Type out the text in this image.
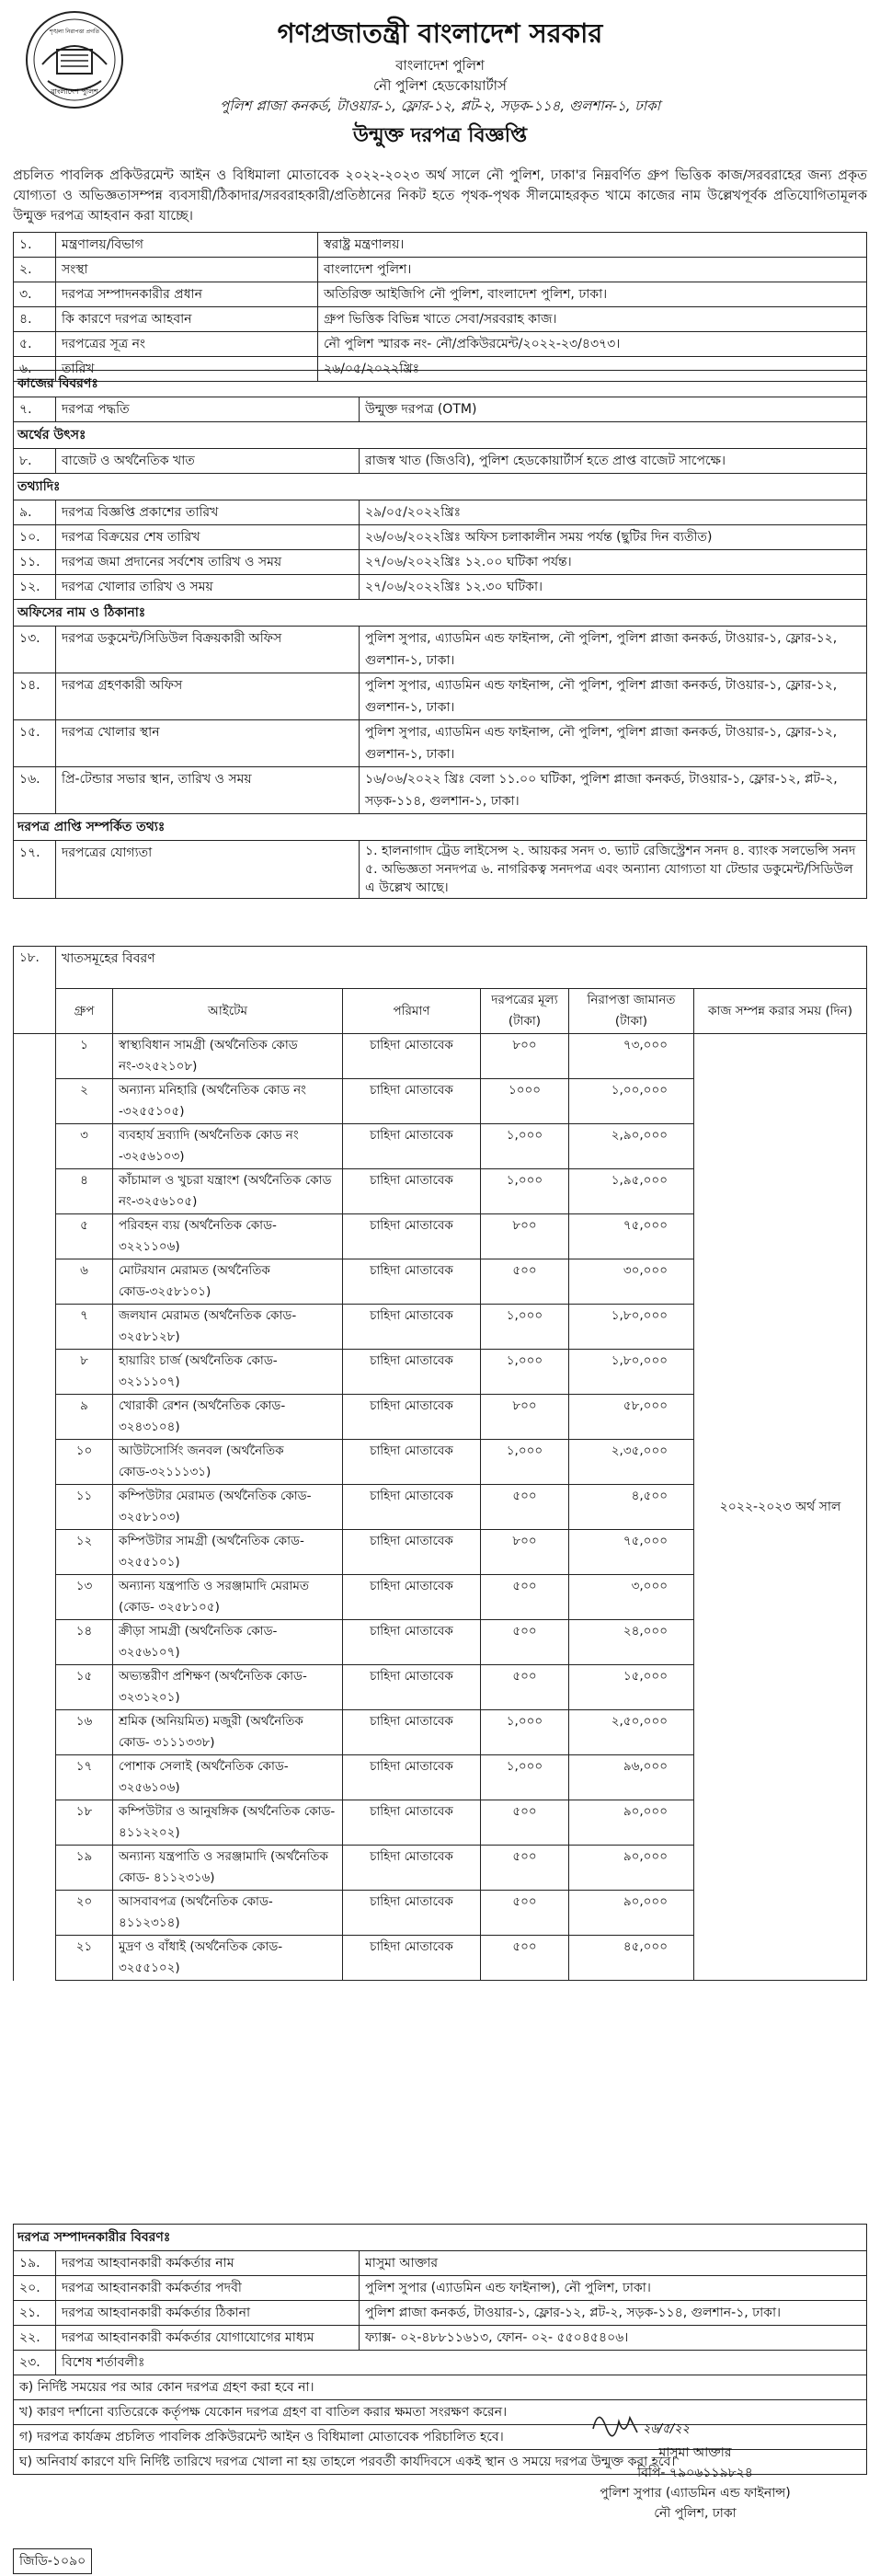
বাংলাদেশ পুলিশ
শৃঙ্খলা নিরাপত্তা প্রগতি	গণপ্রজাতন্ত্রী বাংলাদেশ সরকার
বাংলাদেশ পুলিশ
নৌ পুলিশ হেডকোয়ার্টার্স
পুলিশ প্লাজা কনকর্ড, টাওয়ার-১, ফ্লোর-১২, প্লট-২, সড়ক-১১৪, গুলশান-১, ঢাকা
উন্মুক্ত দরপত্র বিজ্ঞপ্তি
প্রচলিত পাবলিক প্রকিউরমেন্ট আইন ও বিধিমালা মোতাবেক ২০২২-২০২৩ অর্থ সালে নৌ পুলিশ, ঢাকা'র নিম্নবর্ণিত গ্রুপ ভিত্তিক কাজ/সরবরাহের জন্য প্রকৃত যোগ্যতা ও অভিজ্ঞতাসম্পন্ন ব্যবসায়ী/ঠিকাদার/সরবরাহকারী/প্রতিষ্ঠানের নিকট হতে পৃথক-পৃথক সীলমোহরকৃত খামে কাজের নাম উল্লেখপূর্বক প্রতিযোগিতামূলক উন্মুক্ত দরপত্র আহবান করা যাচ্ছে।
১.	মন্ত্রণালয়/বিভাগ	স্বরাষ্ট্র মন্ত্রণালয়।
২.	সংস্থা	বাংলাদেশ পুলিশ।
৩.	দরপত্র সম্পাদনকারীর প্রধান	অতিরিক্ত আইজিপি নৌ পুলিশ, বাংলাদেশ পুলিশ, ঢাকা।
৪.	কি কারণে দরপত্র আহবান	গ্রুপ ভিত্তিক বিভিন্ন খাতে সেবা/সরবরাহ কাজ।
৫.	দরপত্রের সূত্র নং	নৌ পুলিশ স্মারক নং- নৌ/প্রকিউরমেন্ট/২০২২-২৩/৪৩৭৩।
৬.	তারিখ	২৬/০৫/২০২২খ্রিঃ
কাজের বিবরণঃ		
৭.	দরপত্র পদ্ধতি	উন্মুক্ত দরপত্র (OTM)
অর্থের উৎসঃ		
৮.	বাজেট ও অর্থনৈতিক খাত	রাজস্ব খাত (জিওবি), পুলিশ হেডকোয়ার্টার্স হতে প্রাপ্ত বাজেট সাপেক্ষে।
তথ্যাদিঃ		
৯.	দরপত্র বিজ্ঞপ্তি প্রকাশের তারিখ	২৯/০৫/২০২২খ্রিঃ
১০.	দরপত্র বিক্রয়ের শেষ তারিখ	২৬/০৬/২০২২খ্রিঃ অফিস চলাকালীন সময় পর্যন্ত (ছুটির দিন ব্যতীত)
১১.	দরপত্র জমা প্রদানের সর্বশেষ তারিখ ও সময়	২৭/০৬/২০২২খ্রিঃ ১২.০০ ঘটিকা পর্যন্ত।
১২.	দরপত্র খোলার তারিখ ও সময়	২৭/০৬/২০২২খ্রিঃ ১২.৩০ ঘটিকা।
অফিসের নাম ও ঠিকানাঃ		
১৩.	দরপত্র ডকুমেন্ট/সিডিউল বিক্রয়কারী অফিস	পুলিশ সুপার, এ্যাডমিন এন্ড ফাইনান্স, নৌ পুলিশ, পুলিশ প্লাজা কনকর্ড, টাওয়ার-১, ফ্লোর-১২, গুলশান-১, ঢাকা।
১৪.	দরপত্র গ্রহণকারী অফিস	পুলিশ সুপার, এ্যাডমিন এন্ড ফাইনান্স, নৌ পুলিশ, পুলিশ প্লাজা কনকর্ড, টাওয়ার-১, ফ্লোর-১২, গুলশান-১, ঢাকা।
১৫.	দরপত্র খোলার স্থান	পুলিশ সুপার, এ্যাডমিন এন্ড ফাইনান্স, নৌ পুলিশ, পুলিশ প্লাজা কনকর্ড, টাওয়ার-১, ফ্লোর-১২, গুলশান-১, ঢাকা।
১৬.	প্রি-টেন্ডার সভার স্থান, তারিখ ও সময়	১৬/০৬/২০২২ খ্রিঃ বেলা ১১.০০ ঘটিকা, পুলিশ প্লাজা কনকর্ড, টাওয়ার-১, ফ্লোর-১২, প্লট-২, সড়ক-১১৪, গুলশান-১, ঢাকা।
দরপত্র প্রাপ্তি সম্পর্কিত তথ্যঃ		
১৭.	দরপত্রের যোগ্যতা	১. হালনাগাদ ট্রেড লাইসেন্স ২. আয়কর সনদ ৩. ভ্যাট রেজিস্ট্রেশন সনদ ৪. ব্যাংক সলভেন্সি সনদ ৫. অভিজ্ঞতা সনদপত্র ৬. নাগরিকত্ব সনদপত্র এবং অন্যান্য যোগ্যতা যা টেন্ডার ডকুমেন্ট/সিডিউল এ উল্লেখ আছে।
১৮.	খাতসমূহের বিবরণ					
	গ্রুপ	আইটেম	পরিমাণ	দরপত্রের মূল্য (টাকা)	নিরাপত্তা জামানত (টাকা)	কাজ সম্পন্ন করার সময় (দিন)
	১	স্বাস্থ্যবিধান সামগ্রী (অর্থনৈতিক কোড নং-৩২৫২১০৮)	চাহিদা মোতাবেক	৮০০	৭৩,০০০	২০২২-২০২৩ অর্থ সাল
	২	অন্যান্য মনিহারি (অর্থনৈতিক কোড নং -৩২৫৫১০৫)	চাহিদা মোতাবেক	১০০০	১,০০,০০০	
	৩	ব্যবহার্য দ্রব্যাদি (অর্থনৈতিক কোড নং -৩২৫৬১০৩)	চাহিদা মোতাবেক	১,০০০	২,৯০,০০০	
	৪	কাঁচামাল ও খুচরা যন্ত্রাংশ (অর্থনৈতিক কোড নং-৩২৫৬১০৫)	চাহিদা মোতাবেক	১,০০০	১,৯৫,০০০	
	৫	পরিবহন ব্যয় (অর্থনৈতিক কোড- ৩২২১১০৬)	চাহিদা মোতাবেক	৮০০	৭৫,০০০	
	৬	মোটরযান মেরামত (অর্থনৈতিক কোড-৩২৫৮১০১)	চাহিদা মোতাবেক	৫০০	৩০,০০০	
	৭	জলযান মেরামত (অর্থনৈতিক কোড- ৩২৫৮১২৮)	চাহিদা মোতাবেক	১,০০০	১,৮০,০০০	
	৮	হায়ারিং চার্জ (অর্থনৈতিক কোড- ৩২১১১০৭)	চাহিদা মোতাবেক	১,০০০	১,৮০,০০০	
	৯	খোরাকী রেশন (অর্থনৈতিক কোড- ৩২৪৩১০৪)	চাহিদা মোতাবেক	৮০০	৫৮,০০০	
	১০	আউটসোর্সিং জনবল (অর্থনৈতিক কোড-৩২১১১৩১)	চাহিদা মোতাবেক	১,০০০	২,৩৫,০০০	
	১১	কম্পিউটার মেরামত (অর্থনৈতিক কোড- ৩২৫৮১০৩)	চাহিদা মোতাবেক	৫০০	৪,৫০০	
	১২	কম্পিউটার সামগ্রী (অর্থনৈতিক কোড- ৩২৫৫১০১)	চাহিদা মোতাবেক	৮০০	৭৫,০০০	
	১৩	অন্যান্য যন্ত্রপাতি ও সরঞ্জামাদি মেরামত (কোড- ৩২৫৮১০৫)	চাহিদা মোতাবেক	৫০০	৩,০০০	
	১৪	ক্রীড়া সামগ্রী (অর্থনৈতিক কোড- ৩২৫৬১০৭)	চাহিদা মোতাবেক	৫০০	২৪,০০০	
	১৫	অভ্যন্তরীণ প্রশিক্ষণ (অর্থনৈতিক কোড- ৩২৩১২০১)	চাহিদা মোতাবেক	৫০০	১৫,০০০	
	১৬	শ্রমিক (অনিয়মিত) মজুরী (অর্থনৈতিক কোড- ৩১১১৩৩৮)	চাহিদা মোতাবেক	১,০০০	২,৫০,০০০	
	১৭	পোশাক সেলাই (অর্থনৈতিক কোড- ৩২৫৬১০৬)	চাহিদা মোতাবেক	১,০০০	৯৬,০০০	
	১৮	কম্পিউটার ও আনুষঙ্গিক (অর্থনৈতিক কোড- ৪১১২২০২)	চাহিদা মোতাবেক	৫০০	৯০,০০০	
	১৯	অন্যান্য যন্ত্রপাতি ও সরঞ্জামাদি (অর্থনৈতিক কোড- ৪১১২৩১৬)	চাহিদা মোতাবেক	৫০০	৯০,০০০	
	২০	আসবাবপত্র (অর্থনৈতিক কোড- ৪১১২৩১৪)	চাহিদা মোতাবেক	৫০০	৯০,০০০	
	২১	মুদ্রণ ও বাঁধাই (অর্থনৈতিক কোড- ৩২৫৫১০২)	চাহিদা মোতাবেক	৫০০	৪৫,০০০	
দরপত্র সম্পাদনকারীর বিবরণঃ		
১৯.	দরপত্র আহবানকারী কর্মকর্তার নাম	মাসুমা আক্তার
২০.	দরপত্র আহবানকারী কর্মকর্তার পদবী	পুলিশ সুপার (এ্যাডমিন এন্ড ফাইনান্স), নৌ পুলিশ, ঢাকা।
২১.	দরপত্র আহবানকারী কর্মকর্তার ঠিকানা	পুলিশ প্লাজা কনকর্ড, টাওয়ার-১, ফ্লোর-১২, প্লট-২, সড়ক-১১৪, গুলশান-১, ঢাকা।
২২.	দরপত্র আহবানকারী কর্মকর্তার যোগাযোগের মাধ্যম	ফ্যাক্স- ০২-৪৮৮১১৬১৩, ফোন- ০২- ৫৫০৪৫৪০৬।
২৩.	বিশেষ শর্তাবলীঃ	
ক) নির্দিষ্ট সময়ের পর আর কোন দরপত্র গ্রহণ করা হবে না।		
খ) কারণ দর্শানো ব্যতিরেকে কর্তৃপক্ষ যেকোন দরপত্র গ্রহণ বা বাতিল করার ক্ষমতা সংরক্ষণ করেন।		
গ) দরপত্র কার্যক্রম প্রচলিত পাবলিক প্রকিউরমেন্ট আইন ও বিধিমালা মোতাবেক পরিচালিত হবে।		
ঘ) অনিবার্য কারণে যদি নির্দিষ্ট তারিখে দরপত্র খোলা না হয় তাহলে পরবর্তী কার্যদিবসে একই স্থান ও সময়ে দরপত্র উন্মুক্ত করা হবে।		
২৬/৫/২২
মাসুমা আক্তার
বিপি- ৭৯০৬১১৯৮২৪
পুলিশ সুপার (এ্যাডমিন এন্ড ফাইনান্স)
নৌ পুলিশ, ঢাকা
জিডি-১০৯০
